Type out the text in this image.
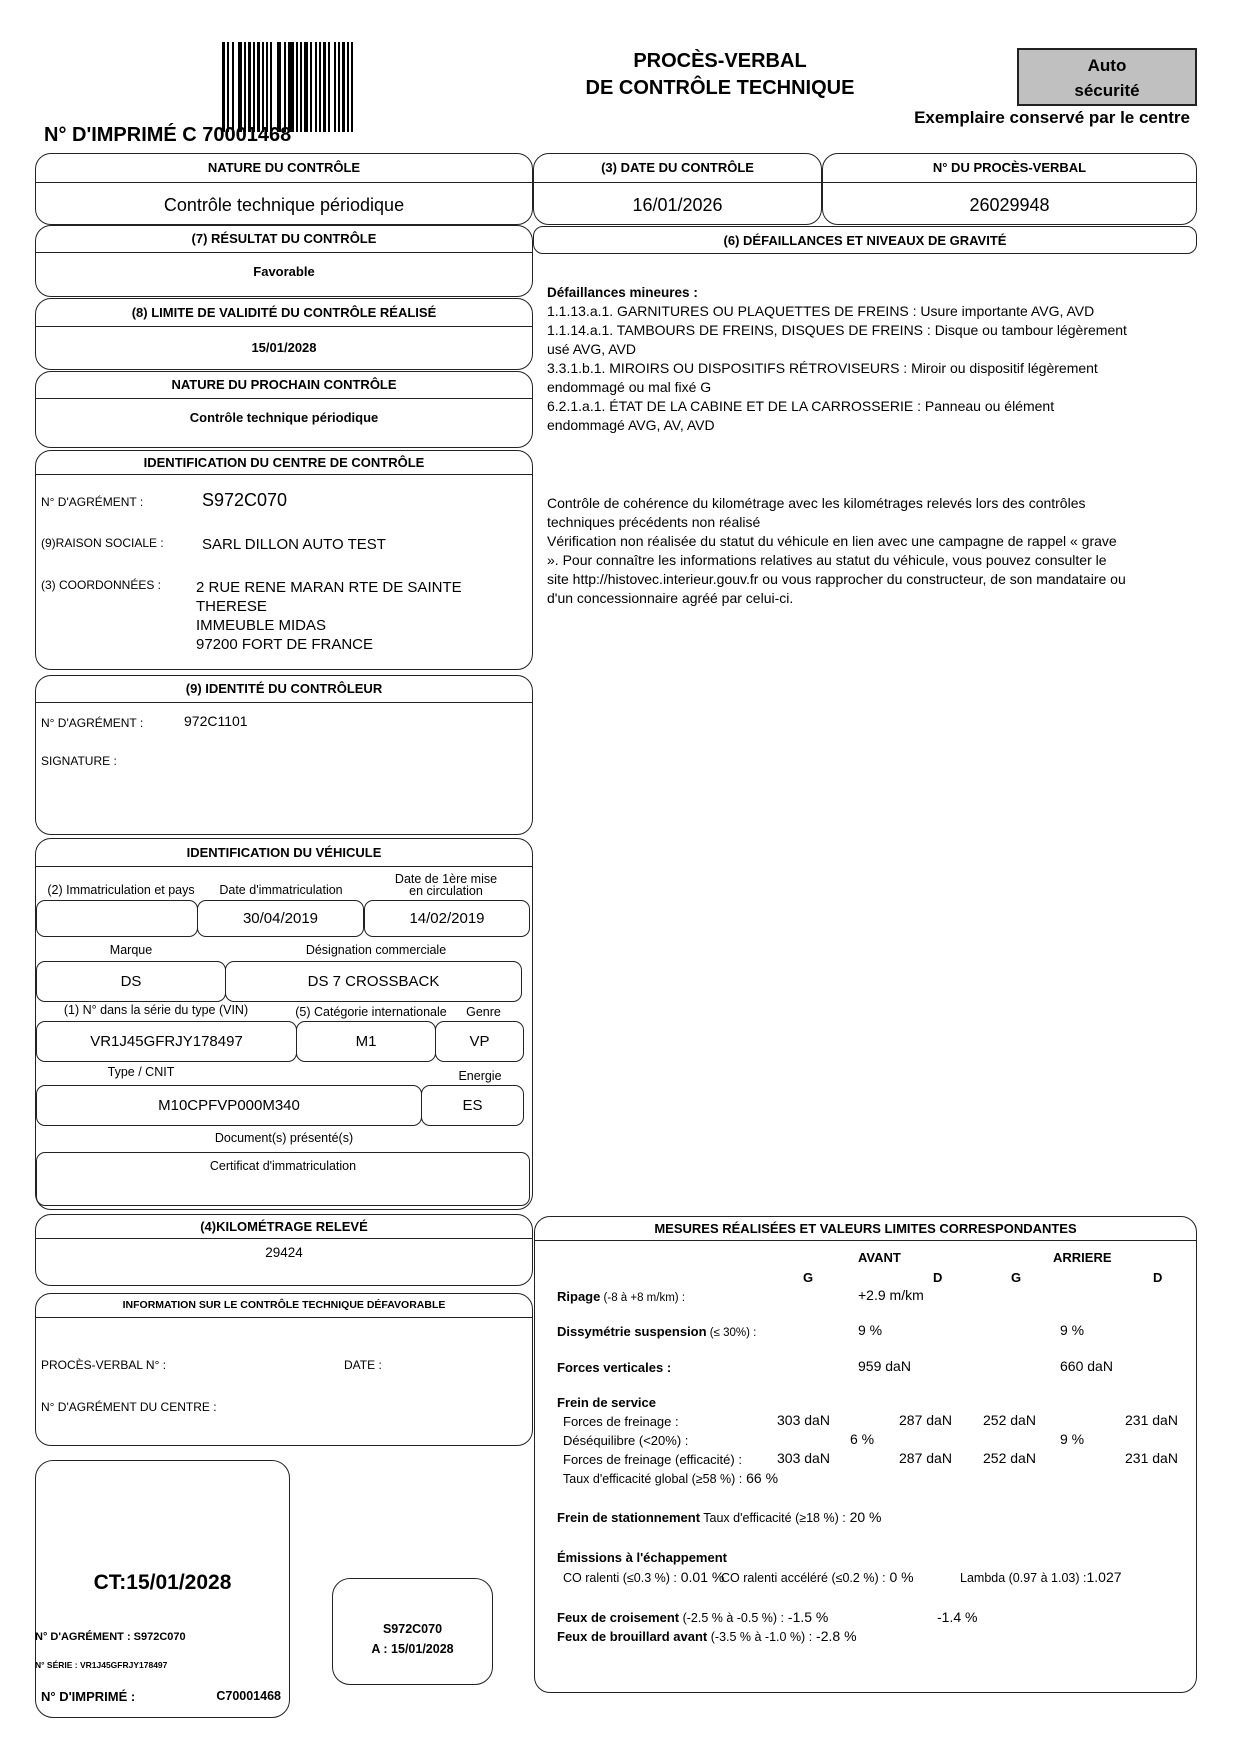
N° D'IMPRIMÉ C 70001468
PROCÈS-VERBAL
DE CONTRÔLE TECHNIQUE
Auto
sécurité
Exemplaire conservé par le centre
NATURE DU CONTRÔLE
Contrôle technique périodique
(3) DATE DU CONTRÔLE
16/01/2026
N° DU PROCÈS-VERBAL
26029948
(7) RÉSULTAT DU CONTRÔLE
Favorable
(6) DÉFAILLANCES ET NIVEAUX DE GRAVITÉ
(8) LIMITE DE VALIDITÉ DU CONTRÔLE RÉALISÉ
15/01/2028
NATURE DU PROCHAIN CONTRÔLE
Contrôle technique périodique
Défaillances mineures :
1.1.13.a.1. GARNITURES OU PLAQUETTES DE FREINS : Usure importante AVG, AVD
1.1.14.a.1. TAMBOURS DE FREINS, DISQUES DE FREINS : Disque ou tambour légèrement usé AVG, AVD
3.3.1.b.1. MIROIRS OU DISPOSITIFS RÉTROVISEURS : Miroir ou dispositif légèrement endommagé ou mal fixé G
6.2.1.a.1. ÉTAT DE LA CABINE ET DE LA CARROSSERIE : Panneau ou élément endommagé AVG, AV, AVD
Contrôle de cohérence du kilométrage avec les kilométrages relevés lors des contrôles techniques précédents non réalisé
Vérification non réalisée du statut du véhicule en lien avec une campagne de rappel « grave ». Pour connaître les informations relatives au statut du véhicule, vous pouvez consulter le site http://histovec.interieur.gouv.fr ou vous rapprocher du constructeur, de son mandataire ou d'un concessionnaire agréé par celui-ci.
IDENTIFICATION DU CENTRE DE CONTRÔLE
N° D'AGRÉMENT :	S972C070
(9)RAISON SOCIALE :	SARL DILLON AUTO TEST
(3) COORDONNÉES : 2 RUE RENE MARAN RTE DE SAINTE
THERESE
IMMEUBLE MIDAS
97200 FORT DE FRANCE
(9) IDENTITÉ DU CONTRÔLEUR
N° D'AGRÉMENT :	972C1101
SIGNATURE :
IDENTIFICATION DU VÉHICULE
(2) Immatriculation et pays	Date d'immatriculation
Date de 1ère mise
en circulation
30/04/2019	14/02/2019
Marque	Désignation commerciale
DS	DS 7 CROSSBACK
(1) N° dans la série du type (VIN)	(5) Catégorie internationale	Genre
VR1J45GFRJY178497	M1	VP
Type / CNIT	Energie
M10CPFVP000M340	ES
Document(s) présenté(s)
Certificat d'immatriculation
(4)KILOMÉTRAGE RELEVÉ
29424
INFORMATION SUR LE CONTRÔLE TECHNIQUE DÉFAVORABLE
PROCÈS-VERBAL N° :	DATE :
N° D'AGRÉMENT DU CENTRE :
CT:15/01/2028
N° D'AGRÉMENT : S972C070
N° SÉRIE : VR1J45GFRJY178497
N° D'IMPRIMÉ :	C70001468
S972C070
A : 15/01/2028
MESURES RÉALISÉES ET VALEURS LIMITES CORRESPONDANTES
AVANT	ARRIERE
G	D	G	D
Ripage (-8 à +8 m/km) :	+2.9 m/km
Dissymétrie suspension (≤ 30%) :	9 %	9 %
Forces verticales :	959 daN	660 daN
Frein de service
Forces de freinage :	303 daN	287 daN 252 daN	231 daN
Déséquilibre (<20%) :	6 %	9 %
Forces de freinage (efficacité) :	303 daN	287 daN 252 daN	231 daN
Taux d'efficacité global (≥58 %) : 66 %
Frein de stationnement Taux d'efficacité (≥18 %) : 20 %
Émissions à l'échappement
CO ralenti (≤0.3 %) : 0.01 %
CO ralenti accéléré (≤0.2 %) : 0 %	Lambda (0.97 à 1.03) :1.027
Feux de croisement (-2.5 % à -0.5 %) : -1.5 %	-1.4 %
Feux de brouillard avant (-3.5 % à -1.0 %) : -2.8 %
